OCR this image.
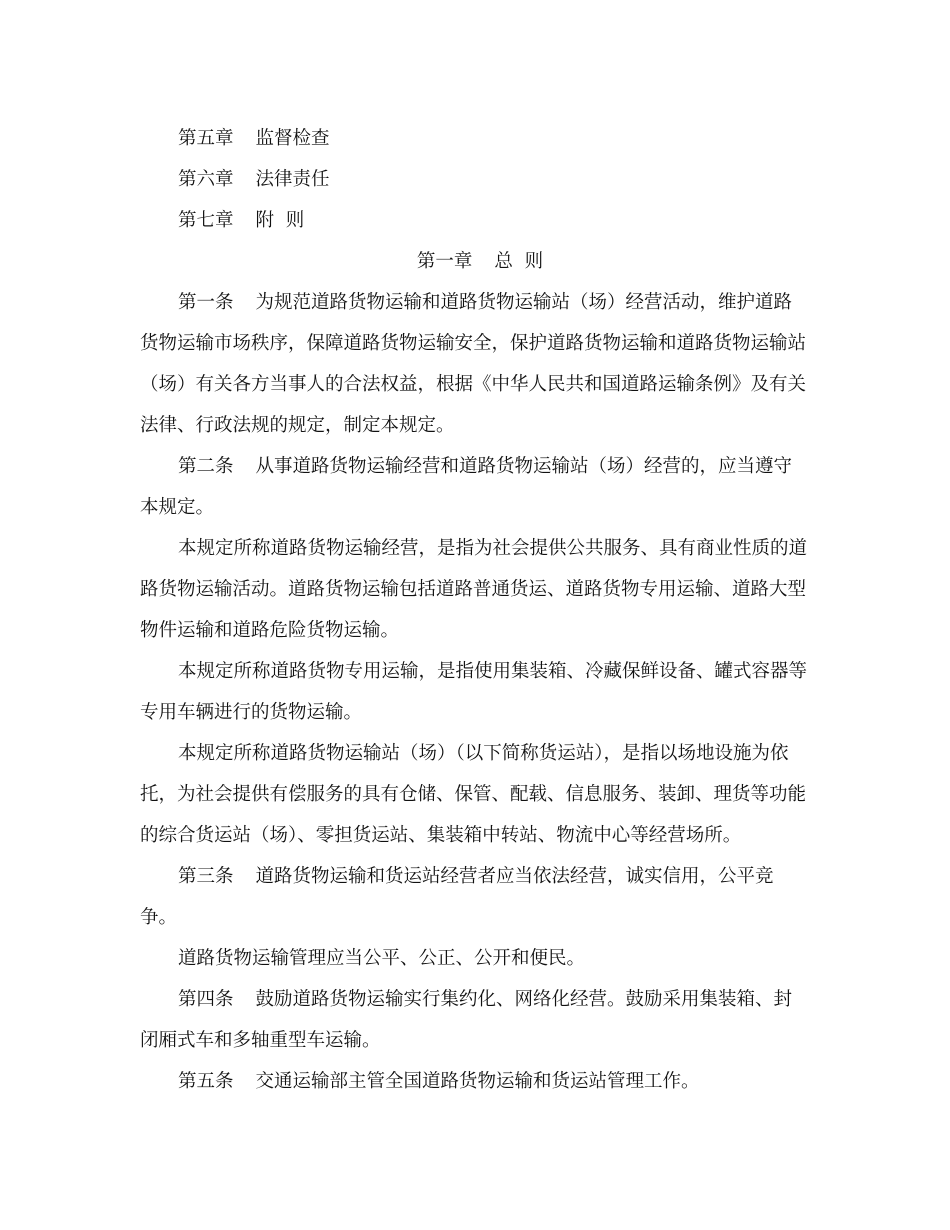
第五章 监督检查
第六章 法律责任
第七章 附  则
第一章 总  则
第一条 为规范道路货物运输和道路货物运输站（场）经营活动，维护道路
货物运输市场秩序，保障道路货物运输安全，保护道路货物运输和道路货物运输站
（场）有关各方当事人的合法权益，根据《中华人民共和国道路运输条例》及有关
法律、行政法规的规定，制定本规定。
第二条 从事道路货物运输经营和道路货物运输站（场）经营的，应当遵守
本规定。
本规定所称道路货物运输经营，是指为社会提供公共服务、具有商业性质的道
路货物运输活动。道路货物运输包括道路普通货运、道路货物专用运输、道路大型
物件运输和道路危险货物运输。
本规定所称道路货物专用运输，是指使用集装箱、冷藏保鲜设备、罐式容器等
专用车辆进行的货物运输。
本规定所称道路货物运输站（场）（以下简称货运站），是指以场地设施为依
托，为社会提供有偿服务的具有仓储、保管、配载、信息服务、装卸、理货等功能
的综合货运站（场）、零担货运站、集装箱中转站、物流中心等经营场所。
第三条 道路货物运输和货运站经营者应当依法经营，诚实信用，公平竞
争。
道路货物运输管理应当公平、公正、公开和便民。
第四条 鼓励道路货物运输实行集约化、网络化经营。鼓励采用集装箱、封
闭厢式车和多轴重型车运输。
第五条 交通运输部主管全国道路货物运输和货运站管理工作。
